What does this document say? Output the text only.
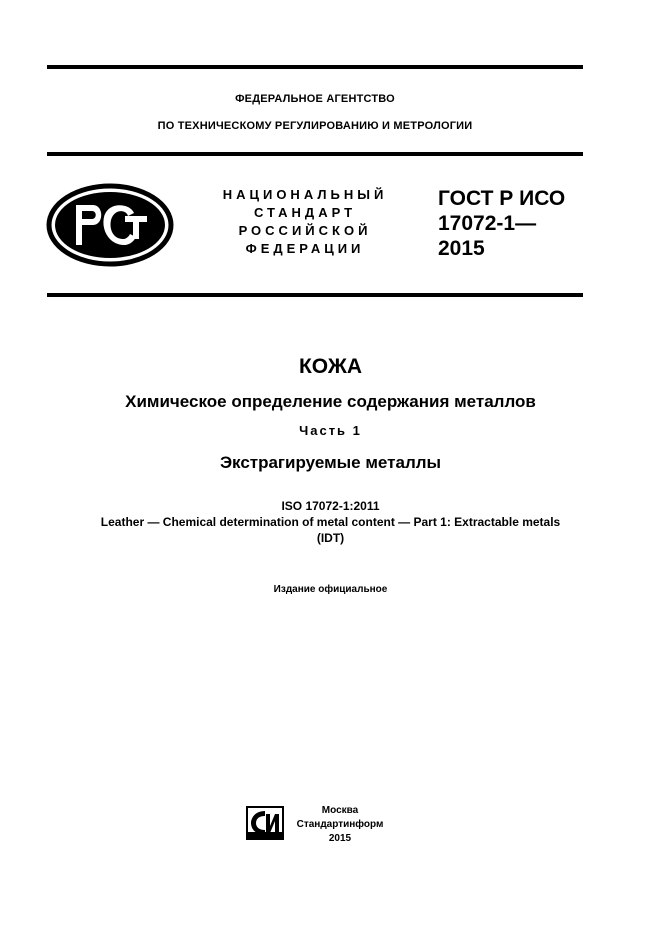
ФЕДЕРАЛЬНОЕ АГЕНТСТВО
ПО ТЕХНИЧЕСКОМУ РЕГУЛИРОВАНИЮ И МЕТРОЛОГИИ
НАЦИОНАЛЬНЫЙ
СТАНДАРТ
РОССИЙСКОЙ
ФЕДЕРАЦИИ
ГОСТ Р ИСО
17072-1—
2015
КОЖА
Химическое определение содержания металлов
Часть 1
Экстрагируемые металлы
ISO 17072-1:2011
Leather — Chemical determination of metal content — Part 1: Extractable metals
(IDT)
Издание официальное
Москва
Стандартинформ
2015
